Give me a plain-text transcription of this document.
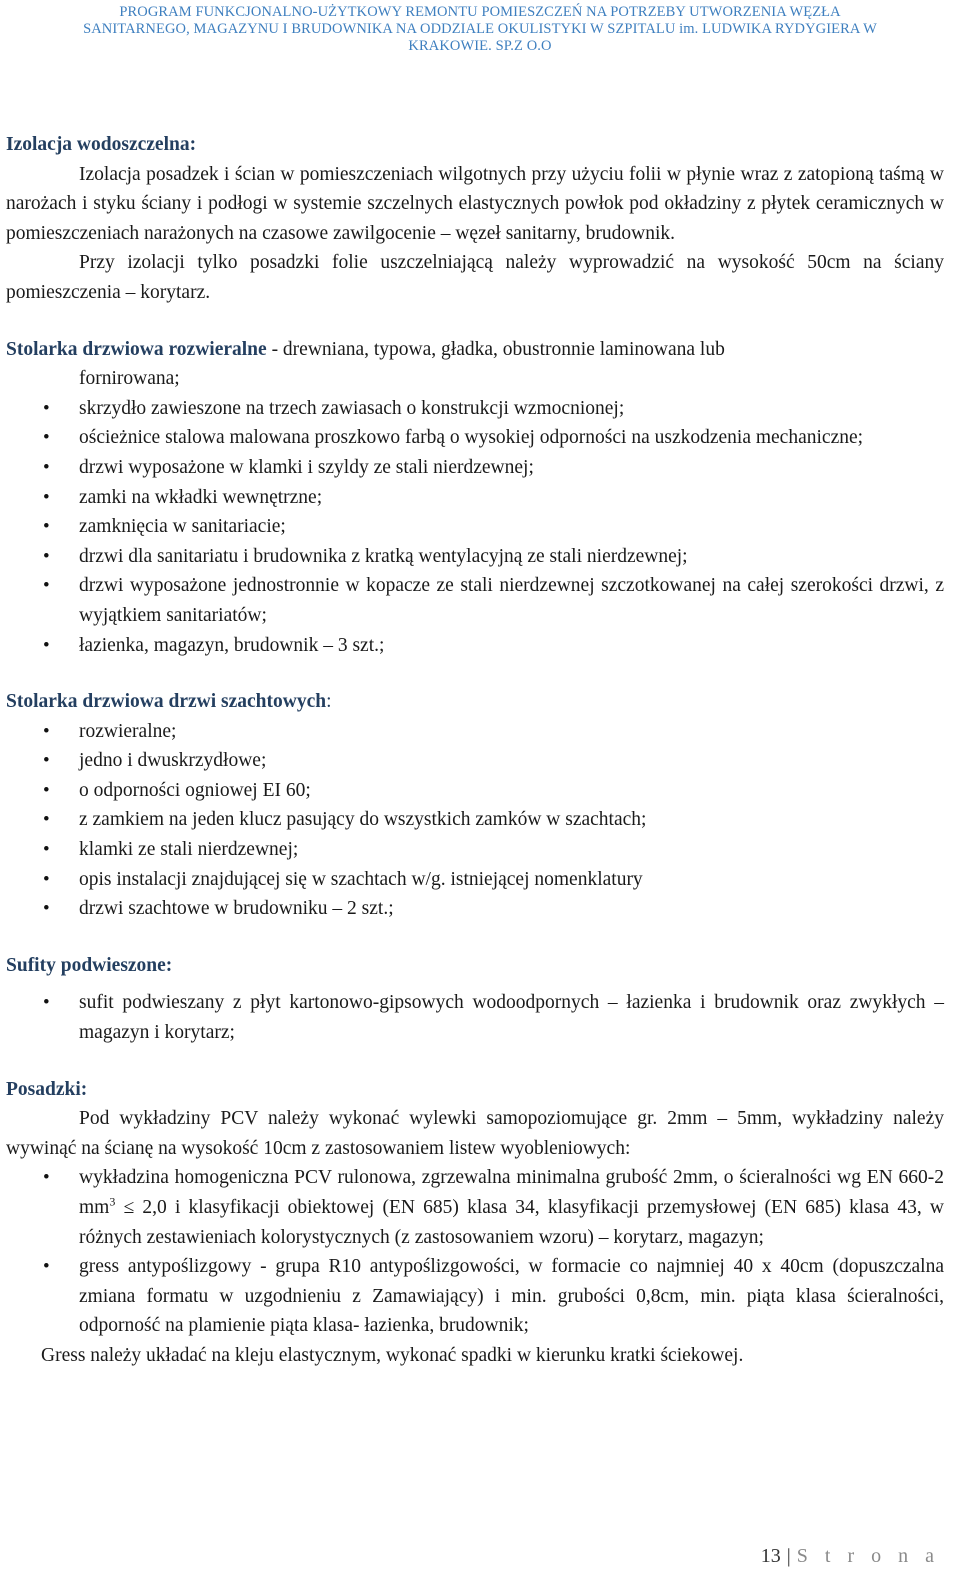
PROGRAM FUNKCJONALNO-UŻYTKOWY REMONTU POMIESZCZEŃ NA POTRZEBY UTWORZENIA WĘZŁA
SANITARNEGO, MAGAZYNU I BRUDOWNIKA NA ODDZIALE OKULISTYKI W SZPITALU im. LUDWIKA RYDYGIERA W
KRAKOWIE. SP.Z O.O
Izolacja wodoszczelna:

Izolacja posadzek i ścian w pomieszczeniach wilgotnych przy użyciu folii w płynie wraz z zatopioną taśmą w narożach i styku ściany i podłogi w systemie szczelnych elastycznych powłok pod okładziny z płytek ceramicznych w pomieszczeniach narażonych na czasowe zawilgocenie – węzeł sanitarny, brudownik.

Przy izolacji tylko posadzki folie uszczelniającą należy wyprowadzić na wysokość 50cm na ściany pomieszczenia – korytarz.

Stolarka drzwiowa rozwieralne - drewniana, typowa, gładka, obustronnie laminowana lub

fornirowana;

• skrzydło zawieszone na trzech zawiasach o konstrukcji wzmocnionej;
• ościeżnice stalowa malowana proszkowo farbą o wysokiej odporności na uszkodzenia mechaniczne;
• drzwi wyposażone w klamki i szyldy ze stali nierdzewnej;
• zamki na wkładki wewnętrzne;
• zamknięcia w sanitariacie;
• drzwi dla sanitariatu i brudownika z kratką wentylacyjną ze stali nierdzewnej;
• drzwi wyposażone jednostronnie w kopacze ze stali nierdzewnej szczotkowanej na całej szerokości drzwi, z wyjątkiem sanitariatów;
• łazienka, magazyn, brudownik – 3 szt.;
Stolarka drzwiowa drzwi szachtowych:
• rozwieralne;
• jedno i dwuskrzydłowe;
• o odporności ogniowej EI 60;
• z zamkiem na jeden klucz pasujący do wszystkich zamków w szachtach;
• klamki ze stali nierdzewnej;
• opis instalacji znajdującej się w szachtach w/g. istniejącej nomenklatury
• drzwi szachtowe w brudowniku – 2 szt.;
Sufity podwieszone:
• sufit podwieszany z płyt kartonowo-gipsowych wodoodpornych – łazienka i brudownik oraz zwykłych – magazyn i korytarz;
Posadzki:

Pod wykładziny PCV należy wykonać wylewki samopoziomujące gr. 2mm – 5mm, wykładziny należy wywinąć na ścianę na wysokość 10cm z zastosowaniem listew wyobleniowych:

• wykładzina homogeniczna PCV rulonowa, zgrzewalna minimalna grubość 2mm, o ścieralności wg EN 660-2 $mm^3 \le 2,0$ i klasyfikacji obiektowej (EN 685) klasa 34, klasyfikacji przemysłowej (EN 685) klasa 43, w różnych zestawieniach kolorystycznych (z zastosowaniem wzoru) – korytarz, magazyn;
• gress antypoślizgowy - grupa R10 antypoślizgowości, w formacie co najmniej 40 x 40cm (dopuszczalna zmiana formatu w uzgodnieniu z Zamawiający) i min. grubości 0,8cm, min. piąta klasa ścieralności, odporność na plamienie piąta klasa- łazienka, brudownik;

Gress należy układać na kleju elastycznym, wykonać spadki w kierunku kratki ściekowej.

13 | S t r o n a
